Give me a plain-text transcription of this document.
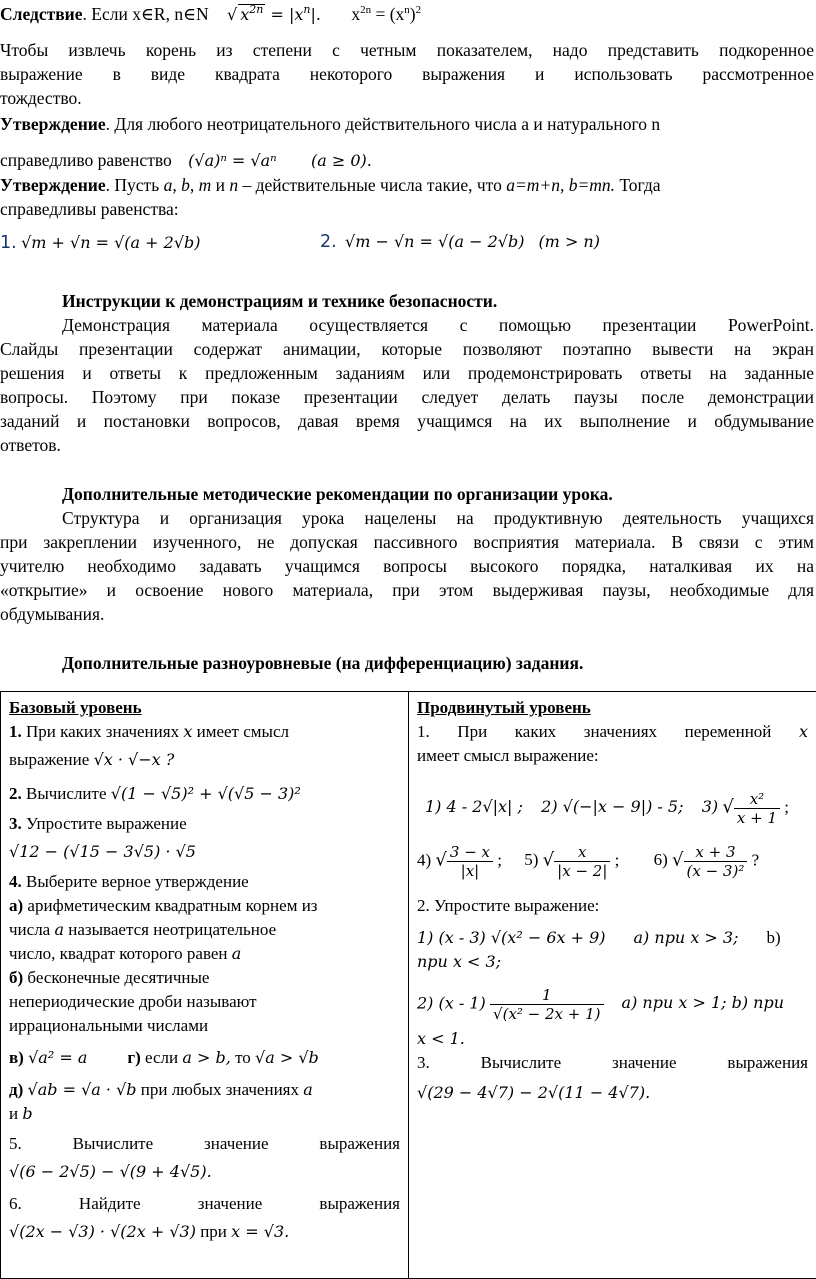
Следствие. Если x∈R, n∈N √ $x^{2n} = |x^n|$. $x^{2n} = (x^n)^2$
Чтобы извлечь корень из степени с четным показателем, надо представить подкоренное
выражение в виде квадрата некоторого выражения и использовать рассмотренное
тождество.
Утверждение. Для любого неотрицательного действительного числа a и натурального n
справедливо равенство (√a)ⁿ = √aⁿ (a ≥ 0).
Утверждение. Пусть a, b, m и n – действительные числа такие, что a=m+n, b=mn. Тогда
справедливы равенства:
1. √m + √n = √(a + 2√b)	2. √m − √n = √(a − 2√b) (m > n)
Инструкции к демонстрациям и технике безопасности.
Демонстрация материала осуществляется с помощью презентации PowerPoint.
Слайды презентации содержат анимации, которые позволяют поэтапно вывести на экран
решения и ответы к предложенным заданиям или продемонстрировать ответы на заданные
вопросы. Поэтому при показе презентации следует делать паузы после демонстрации
заданий и постановки вопросов, давая время учащимся на их выполнение и обдумывание
ответов.
Дополнительные методические рекомендации по организации урока.
Структура и организация урока нацелены на продуктивную деятельность учащихся
при закреплении изученного, не допуская пассивного восприятия материала. В связи с этим
учителю необходимо задавать учащимся вопросы высокого порядка, наталкивая их на
«открытие» и освоение нового материала, при этом выдерживая паузы, необходимые для
обдумывания.
Дополнительные разноуровневые (на дифференциацию) задания.
Базовый уровень
1. При каких значениях x имеет смысл
выражение √x · √−x ?
2. Вычислите √(1 − √5)² + √(√5 − 3)²
3. Упростите выражение
√12 − (√15 − 3√5) · √5
4. Выберите верное утверждение
а) арифметическим квадратным корнем из
числа a называется неотрицательное
число, квадрат которого равен a
б) бесконечные десятичные
непериодические дроби называют
иррациональными числами
в) √a² = a г) если a > b, то √a > √b
д) √ab = √a · √b при любых значениях a
и b
5. Вычислите значение выражения
√(6 − 2√5) − √(9 + 4√5).
6. Найдите значение выражения
√(2x − √3) · √(2x + √3) при x = √3.

Продвинутый уровень
1. При каких значениях переменной x
имеет смысл выражение:
1) 4 - 2√|x| ; 2) √(−|x − 9|) - 5; 3) √ $\frac{\text{x²}}{x + 1}$ ;
4) √ $\frac{3 - x}{|x|}$ ; 5) √ $\frac{x}{|x - 2|}$ ; 6) √ $\frac{x + 3}{\text{(x − 3)²}}$ ?
2. Упростите выражение:
1) (x - 3) √(x² − 6x + 9) а) при x > 3; b)
при x < 3;
2) $(x - 1) \frac{1}{\text{√(x² − 2x + 1)}} а$) при x > 1; b) при
x < 1.
3. Вычислите значение выражения
√(29 − 4√7) − 2√(11 − 4√7).
